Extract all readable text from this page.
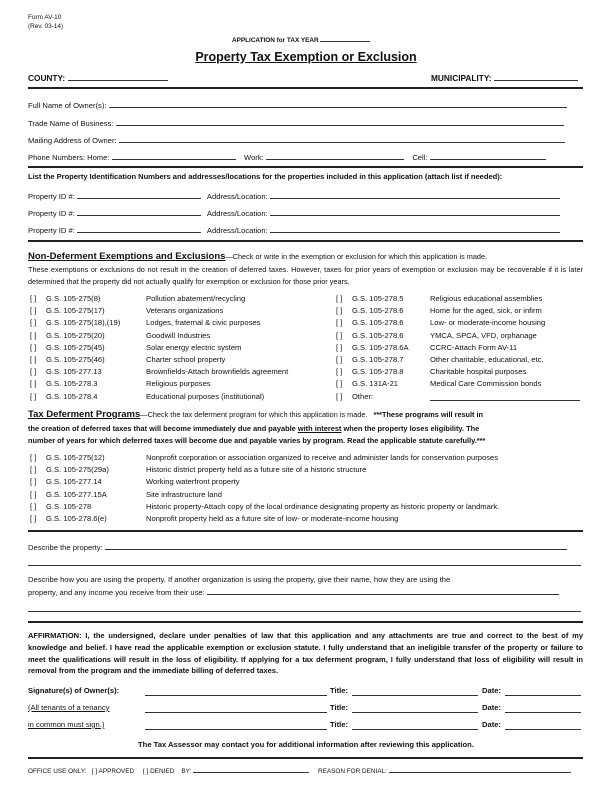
Form AV-10
(Rev. 03-14)
APPLICATION for TAX YEAR
Property Tax Exemption or Exclusion
COUNTY:	MUNICIPALITY:
Full Name of Owner(s):
Trade Name of Business:
Mailing Address of Owner:
Phone Numbers: Home:	Work:	Cell:
List the Property Identification Numbers and addresses/locations for the properties included in this application (attach list if needed):
Property ID #:	Address/Location:
Property ID #:	Address/Location:
Property ID #:	Address/Location:
Non-Deferment Exemptions and Exclusions—Check or write in the exemption or exclusion for which this application is made.
These exemptions or exclusions do not result in the creation of deferred taxes. However, taxes for prior years of exemption or exclusion may be recoverable if it is later determined that the property did not actually qualify for exemption or exclusion for those prior years.
[ ] G.S. 105-275(8)	Pollution abatement/recycling
[ ] G.S. 105-275(17)	Veterans organizations
[ ] G.S. 105-275(18),(19)	Lodges, fraternal & civic purposes
[ ] G.S. 105-275(20)	Goodwill Industries
[ ] G.S. 105-275(45)	Solar energy electric system
[ ] G.S. 105-275(46)	Charter school property
[ ] G.S. 105-277.13	Brownfields-Attach brownfields agreement
[ ] G.S. 105-278.3	Religious purposes
[ ] G.S. 105-278.4	Educational purposes (institutional)
[ ] G.S. 105-278.5	Religious educational assemblies
[ ] G.S. 105-278.6	Home for the aged, sick, or infirm
[ ] G.S. 105-278.6	Low- or moderate-income housing
[ ] G.S. 105-278.6	YMCA, SPCA, VFD, orphanage
[ ] G.S. 105-278.6A	CCRC-Attach Form AV-11
[ ] G.S. 105-278.7	Other charitable, educational, etc.
[ ] G.S. 105-278.8	Charitable hospital purposes
[ ] G.S. 131A-21	Medical Care Commission bonds
[ ] Other:
Tax Deferment Programs—Check the tax deferment program for which this application is made. ***These programs will result in
the creation of deferred taxes that will become immediately due and payable with interest when the property loses eligibility. The
number of years for which deferred taxes will become due and payable varies by program. Read the applicable statute carefully.***
[ ] G.S. 105-275(12)	Nonprofit corporation or association organized to receive and administer lands for conservation purposes
[ ] G.S. 105-275(29a)	Historic district property held as a future site of a historic structure
[ ] G.S. 105-277.14	Working waterfront property
[ ] G.S. 105-277.15A	Site infrastructure land
[ ] G.S. 105-278	Historic property-Attach copy of the local ordinance designating property as historic property or landmark.
[ ] G.S. 105-278.6(e)	Nonprofit property held as a future site of low- or moderate-income housing
Describe the property:
Describe how you are using the property. If another organization is using the property, give their name, how they are using the
property, and any income you receive from their use:
AFFIRMATION: I, the undersigned, declare under penalties of law that this application and any attachments are true and correct to the best of my knowledge and belief. I have read the applicable exemption or exclusion statute. I fully understand that an ineligible transfer of the property or failure to meet the qualifications will result in the loss of eligibility. If applying for a tax deferment program, I fully understand that loss of eligibility will result in removal from the program and the immediate billing of deferred taxes.
Signature(s) of Owner(s):
(All tenants of a tenancy
in common must sign.)
Title:	Date:
Title:	Date:
Title:	Date:
The Tax Assessor may contact you for additional information after reviewing this application.
OFFICE USE ONLY: [ ] APPROVED [ ] DENIED BY:	REASON FOR DENIAL:
